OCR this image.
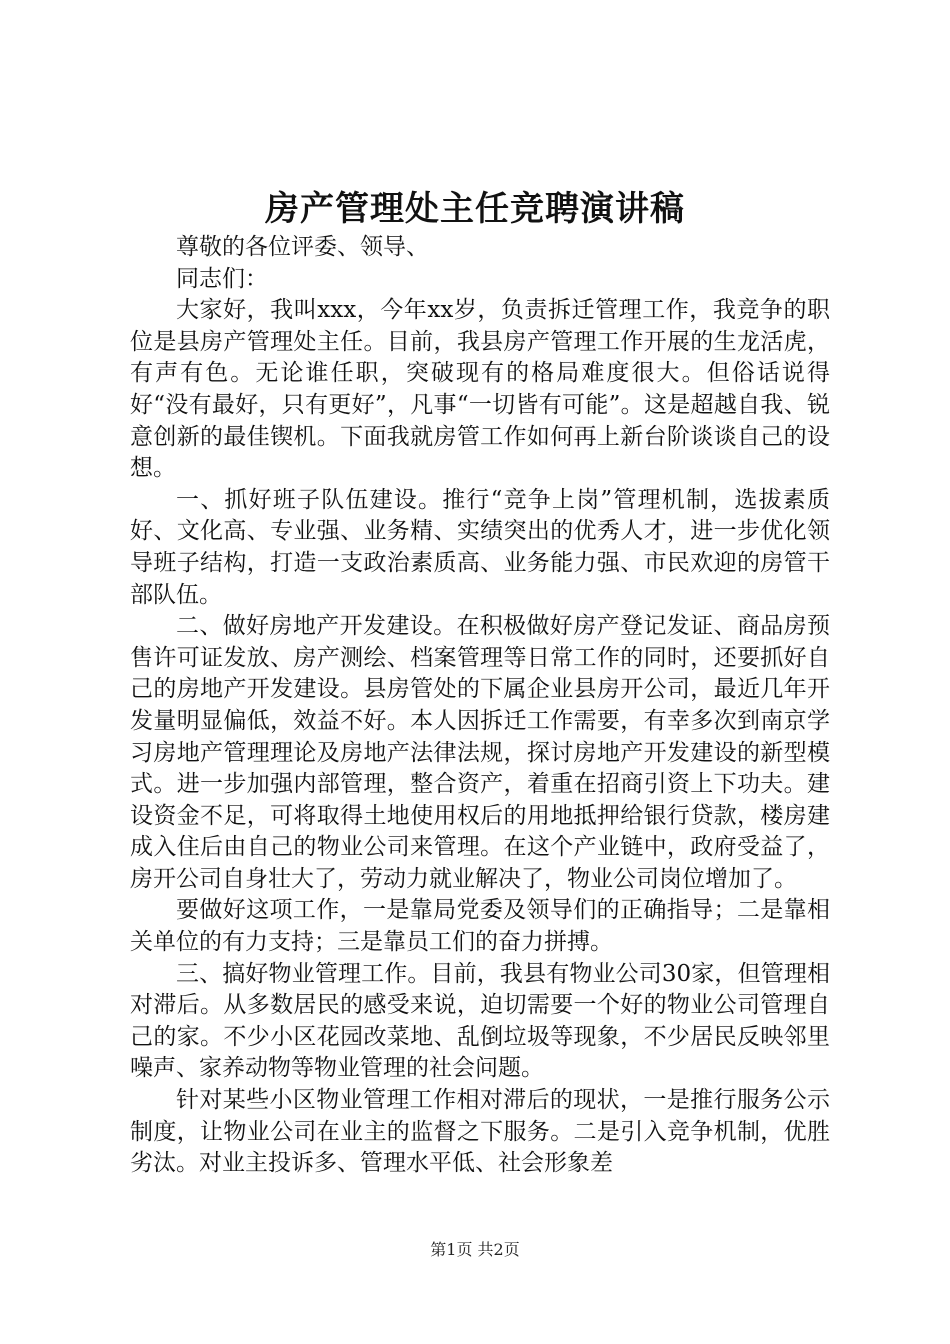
房产管理处主任竞聘演讲稿

尊敬的各位评委、领导、

同志们：

大家好，我叫xxx，今年xx岁，负责拆迁管理工作，我竞争的职位是县房产管理处主任。目前，我县房产管理工作开展的生龙活虎，有声有色。无论谁任职，突破现有的格局难度很大。但俗话说得好“没有最好，只有更好”，凡事“一切皆有可能”。这是超越自我、锐意创新的最佳锲机。下面我就房管工作如何再上新台阶谈谈自己的设想。

一、抓好班子队伍建设。推行“竞争上岗”管理机制，选拔素质好、文化高、专业强、业务精、实绩突出的优秀人才，进一步优化领导班子结构，打造一支政治素质高、业务能力强、市民欢迎的房管干部队伍。

二、做好房地产开发建设。在积极做好房产登记发证、商品房预售许可证发放、房产测绘、档案管理等日常工作的同时，还要抓好自己的房地产开发建设。县房管处的下属企业县房开公司，最近几年开发量明显偏低，效益不好。本人因拆迁工作需要，有幸多次到南京学习房地产管理理论及房地产法律法规，探讨房地产开发建设的新型模式。进一步加强内部管理，整合资产，着重在招商引资上下功夫。建设资金不足，可将取得土地使用权后的用地抵押给银行贷款，楼房建成入住后由自己的物业公司来管理。在这个产业链中，政府受益了，房开公司自身壮大了，劳动力就业解决了，物业公司岗位增加了。

要做好这项工作，一是靠局党委及领导们的正确指导；二是靠相关单位的有力支持；三是靠员工们的奋力拼搏。

三、搞好物业管理工作。目前，我县有物业公司30家，但管理相对滞后。从多数居民的感受来说，迫切需要一个好的物业公司管理自己的家。不少小区花园改菜地、乱倒垃圾等现象，不少居民反映邻里噪声、家养动物等物业管理的社会问题。

针对某些小区物业管理工作相对滞后的现状，一是推行服务公示制度，让物业公司在业主的监督之下服务。二是引入竞争机制，优胜劣汰。对业主投诉多、管理水平低、社会形象差

第1页 共2页
